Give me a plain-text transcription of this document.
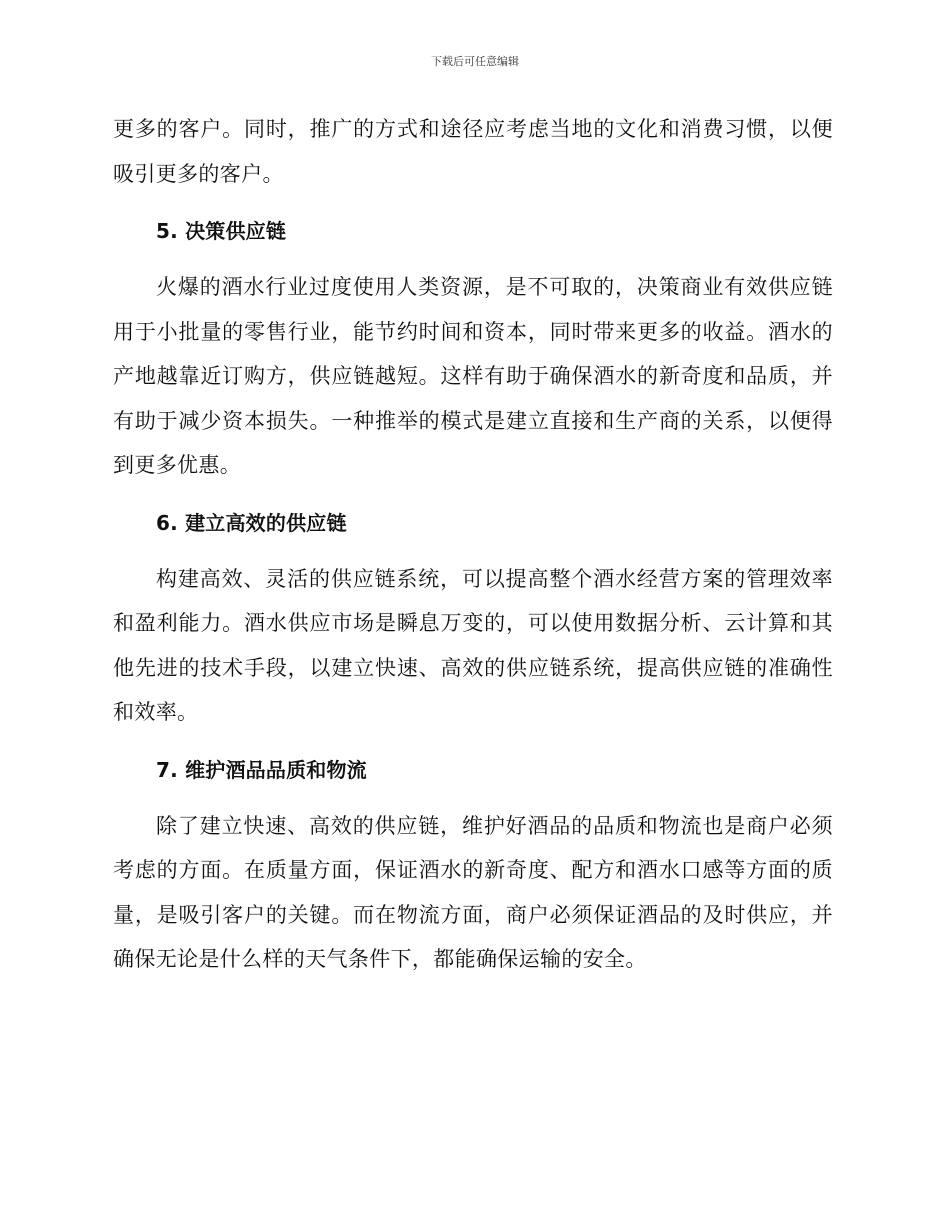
下载后可任意编辑

更多的客户。同时，推广的方式和途径应考虑当地的文化和消费习惯，以便吸引更多的客户。

5. 决策供应链

火爆的酒水行业过度使用人类资源，是不可取的，决策商业有效供应链用于小批量的零售行业，能节约时间和资本，同时带来更多的收益。酒水的产地越靠近订购方，供应链越短。这样有助于确保酒水的新奇度和品质，并有助于减少资本损失。一种推举的模式是建立直接和生产商的关系，以便得到更多优惠。

6. 建立高效的供应链

构建高效、灵活的供应链系统，可以提高整个酒水经营方案的管理效率和盈利能力。酒水供应市场是瞬息万变的，可以使用数据分析、云计算和其他先进的技术手段，以建立快速、高效的供应链系统，提高供应链的准确性和效率。

7. 维护酒品品质和物流

除了建立快速、高效的供应链，维护好酒品的品质和物流也是商户必须考虑的方面。在质量方面，保证酒水的新奇度、配方和酒水口感等方面的质量，是吸引客户的关键。而在物流方面，商户必须保证酒品的及时供应，并确保无论是什么样的天气条件下，都能确保运输的安全。
